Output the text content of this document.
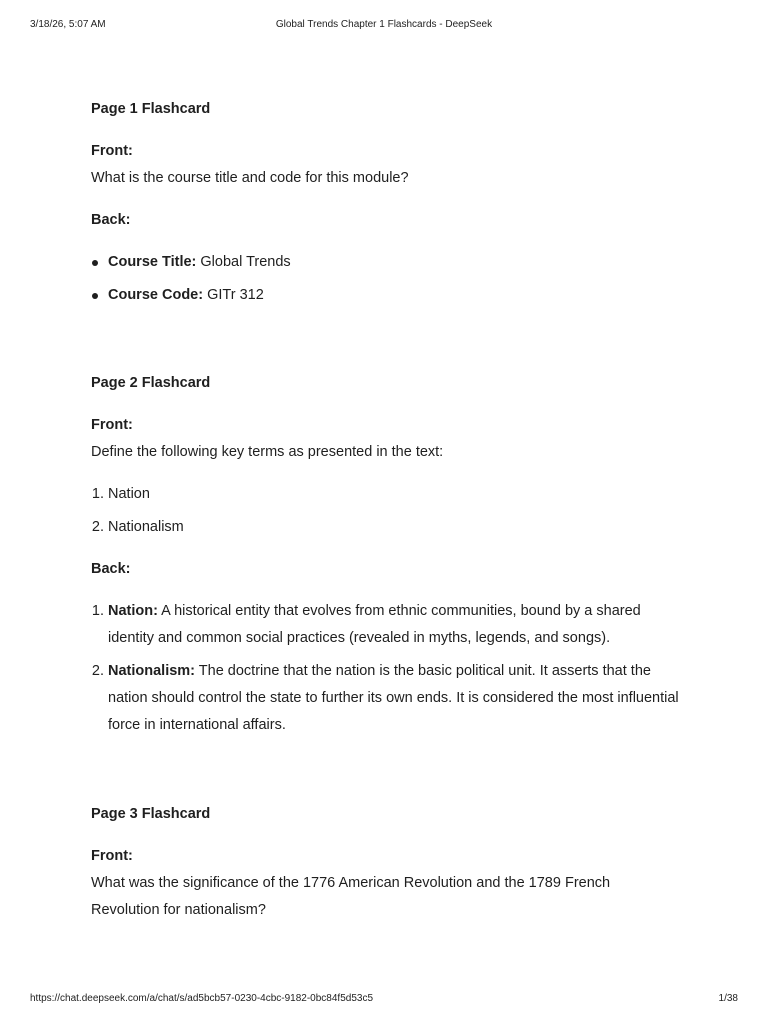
3/18/26, 5:07 AM	Global Trends Chapter 1 Flashcards - DeepSeek

Page 1 Flashcard

Front:

What is the course title and code for this module?

Back:

Course Title: Global Trends
Course Code: GITr 312

Page 2 Flashcard

Front:

Define the following key terms as presented in the text:

1. Nation
2. Nationalism

Back:

1. Nation: A historical entity that evolves from ethnic communities, bound by a shared identity and common social practices (revealed in myths, legends, and songs).
2. Nationalism: The doctrine that the nation is the basic political unit. It asserts that the nation should control the state to further its own ends. It is considered the most influential force in international affairs.

Page 3 Flashcard

Front:

What was the significance of the 1776 American Revolution and the 1789 French Revolution for nationalism?

https://chat.deepseek.com/a/chat/s/ad5bcb57-0230-4cbc-9182-0bc84f5d53c5	1/38
